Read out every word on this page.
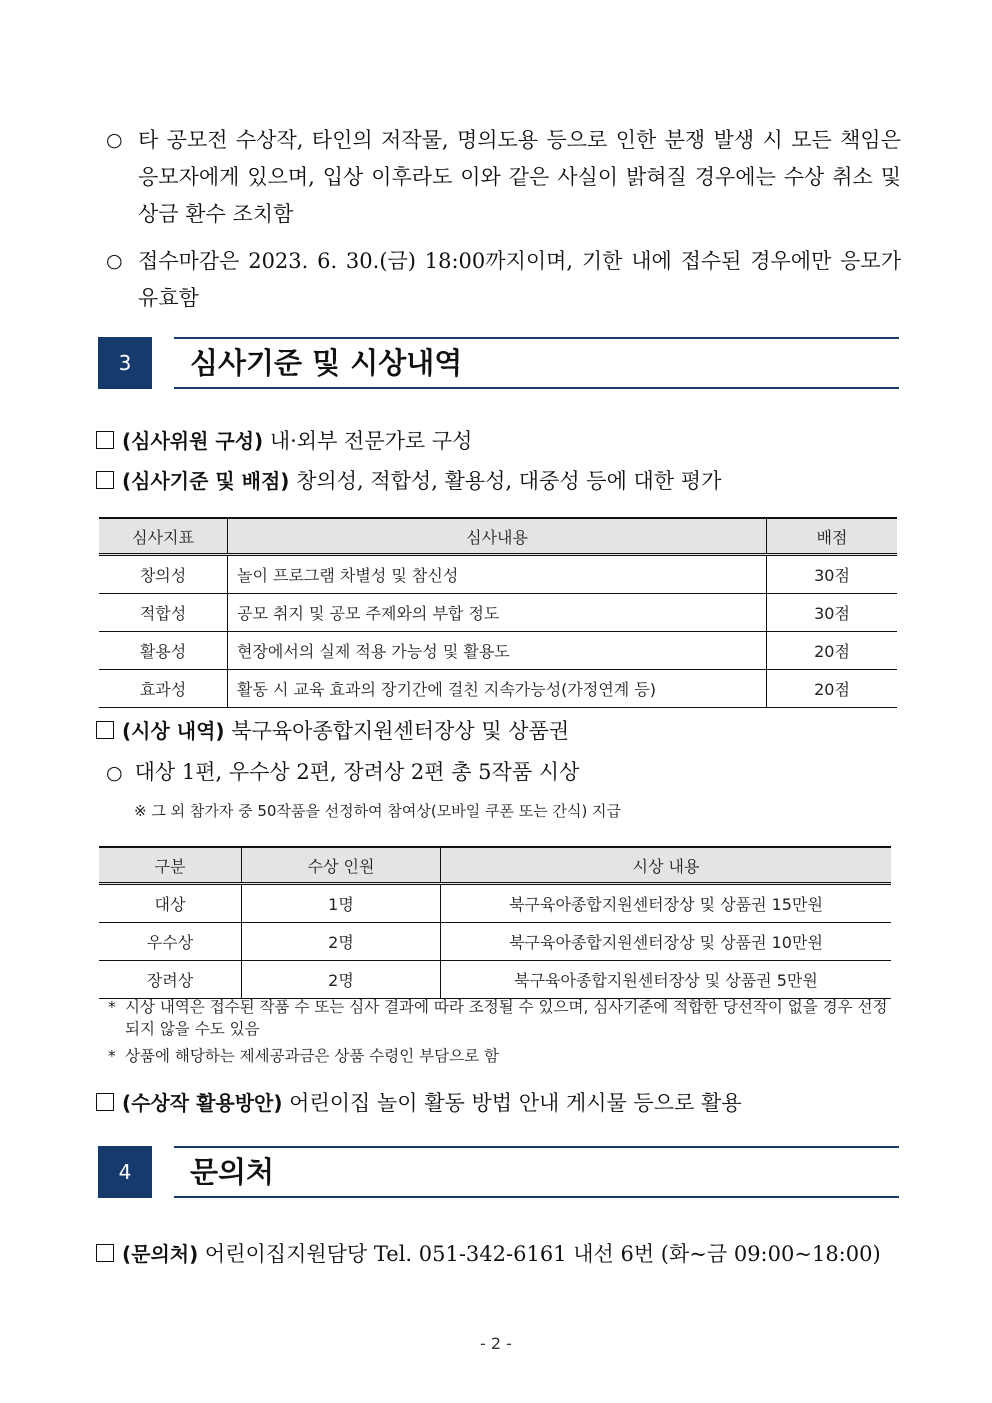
○ 타 공모전 수상작, 타인의 저작물, 명의도용 등으로 인한 분쟁 발생 시 모든 책임은 응모자에게 있으며, 입상 이후라도 이와 같은 사실이 밝혀질 경우에는 수상 취소 및 상금 환수 조치함
○ 접수마감은 2023. 6. 30.(금) 18:00까지이며, 기한 내에 접수된 경우에만 응모가 유효함
3	심사기준 및 시상내역
(심사위원 구성) 내·외부 전문가로 구성
(심사기준 및 배점) 창의성, 적합성, 활용성, 대중성 등에 대한 평가
심사지표	심사내용	배점
창의성	놀이 프로그램 차별성 및 참신성	30점
적합성	공모 취지 및 공모 주제와의 부합 정도	30점
활용성	현장에서의 실제 적용 가능성 및 활용도	20점
효과성	활동 시 교육 효과의 장기간에 걸친 지속가능성(가정연계 등)	20점
(시상 내역) 북구육아종합지원센터장상 및 상품권
○ 대상 1편, 우수상 2편, 장려상 2편 총 5작품 시상
※ 그 외 참가자 중 50작품을 선정하여 참여상(모바일 쿠폰 또는 간식) 지급
구분	수상 인원	시상 내용
대상	1명	북구육아종합지원센터장상 및 상품권 15만원
우수상	2명	북구육아종합지원센터장상 및 상품권 10만원
장려상	2명	북구육아종합지원센터장상 및 상품권 5만원
* 시상 내역은 접수된 작품 수 또는 심사 결과에 따라 조정될 수 있으며, 심사기준에 적합한 당선작이 없을 경우 선정되지 않을 수도 있음
* 상품에 해당하는 제세공과금은 상품 수령인 부담으로 함
(수상작 활용방안) 어린이집 놀이 활동 방법 안내 게시물 등으로 활용
4	문의처
(문의처) 어린이집지원담당 Tel. 051-342-6161 내선 6번 (화~금 09:00~18:00)
- 2 -
